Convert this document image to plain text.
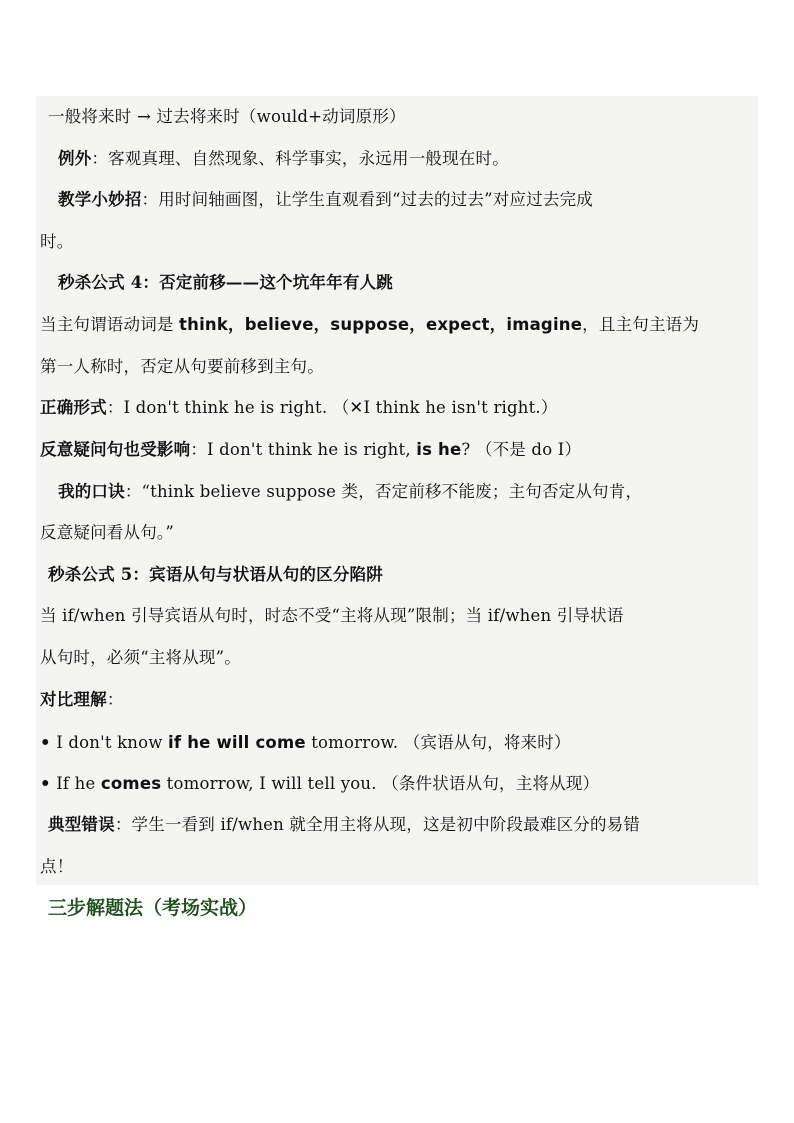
一般将来时 → 过去将来时（would+动词原形）
例外：客观真理、自然现象、科学事实，永远用一般现在时。
教学小妙招：用时间轴画图，让学生直观看到“过去的过去”对应过去完成
时。
秒杀公式 4：否定前移——这个坑年年有人跳
当主句谓语动词是 think，believe，suppose，expect，imagine，且主句主语为
第一人称时，否定从句要前移到主句。
正确形式：I don't think he is right. （✕I think he isn't right.）
反意疑问句也受影响：I don't think he is right, is he? （不是 do I）
我的口诀：“think believe suppose 类，否定前移不能废；主句否定从句肯，
反意疑问看从句。”
秒杀公式 5：宾语从句与状语从句的区分陷阱
当 if/when 引导宾语从句时，时态不受“主将从现”限制；当 if/when 引导状语
从句时，必须“主将从现”。
对比理解：
• I don't know if he will come tomorrow. （宾语从句，将来时）
• If he comes tomorrow, I will tell you. （条件状语从句，主将从现）
典型错误：学生一看到 if/when 就全用主将从现，这是初中阶段最难区分的易错
点！
三步解题法（考场实战）
